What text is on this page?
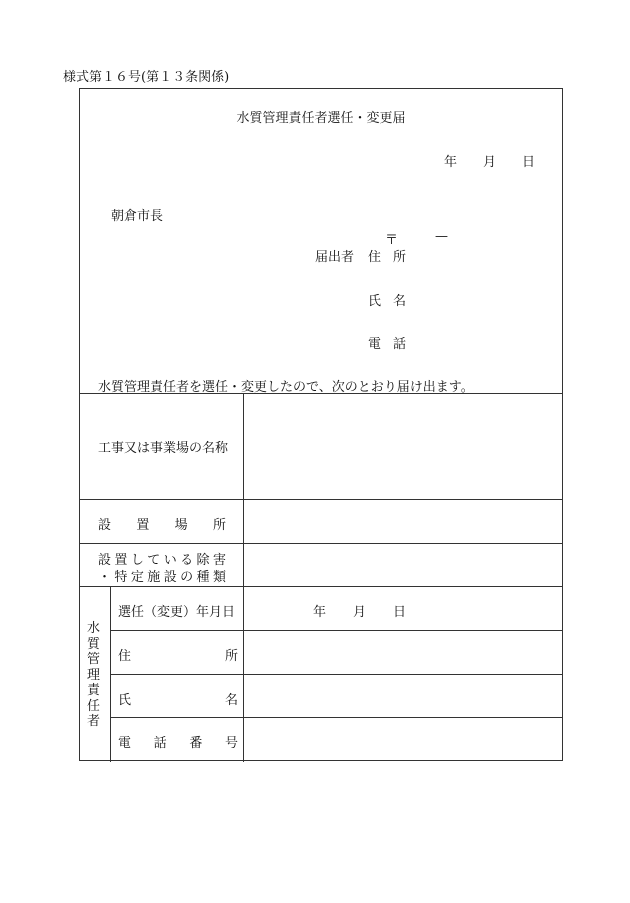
様式第１６号(第１３条関係)
水質管理責任者選任・変更届
年 月 日
朝倉市長
〒	—
届出者 住 所
氏 名
電 話
水質管理責任者を選任・変更したので、次のとおり届け出ます。
工事又は事業場の名称
設 置 場 所
設 置 し て い る 除 害
・ 特 定 施 設 の 種 類
水
質
管
理
責
任
者
選任（変更）年月日	年 月 日
住	所
氏	名
電 話 番 号
